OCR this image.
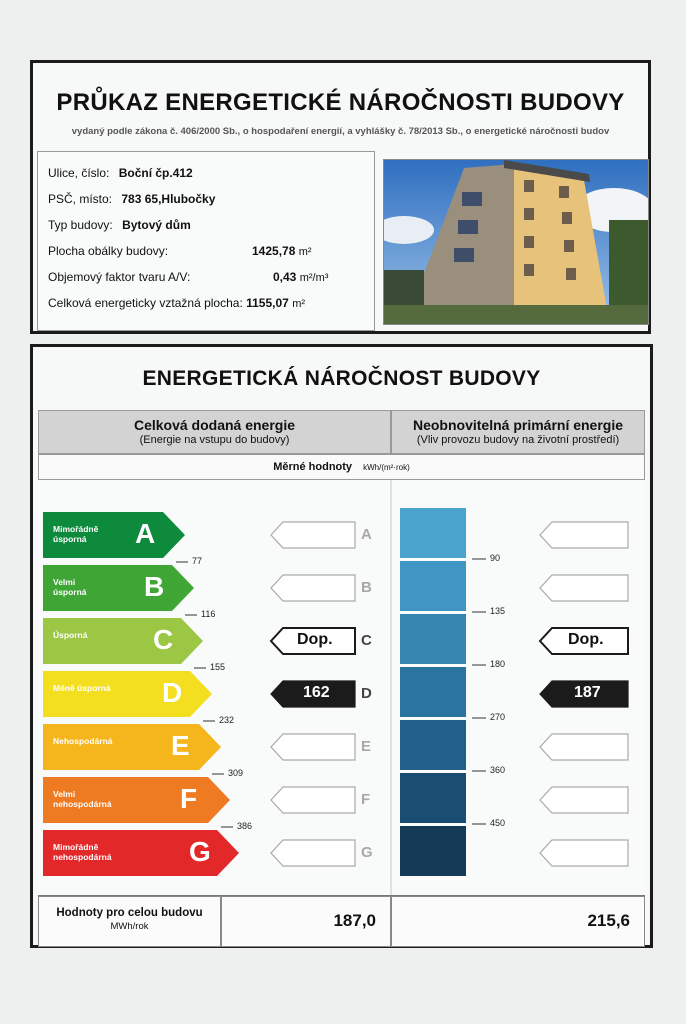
PRŮKAZ ENERGETICKÉ NÁROČNOSTI BUDOVY
vydaný podle zákona č. 406/2000 Sb., o hospodaření energií, a vyhlášky č. 78/2013 Sb., o energetické náročnosti budov
Ulice, číslo: Boční čp.412
PSČ, místo: 783 65,Hlubočky
Typ budovy: Bytový dům
Plocha obálky budovy:	1425,78 m²
Objemový faktor tvaru A/V:	0,43 m²/m³
Celková energeticky vztažná plocha: 1155,07 m²
ENERGETICKÁ NÁROČNOST BUDOVY
Celková dodaná energie
(Energie na vstupu do budovy)
Neobnovitelná primární energie
(Vliv provozu budovy na životní prostředí)
Měrné hodnoty kWh/(m²·rok)
Mimořádně
úsporná	A
77
A
Velmi
úsporná B
116
B
Úsporná C
155
C
Dop.	Dop.
Méně úsporná D
232
D
162	187
Nehospodárná E
309
E
Velmi
nehospodárná F
386
F
Mimořádně
nehospodárná	G	G
90
135
180
270
360
450
Hodnoty pro celou budovu
MWh/rok	187,0	215,6
